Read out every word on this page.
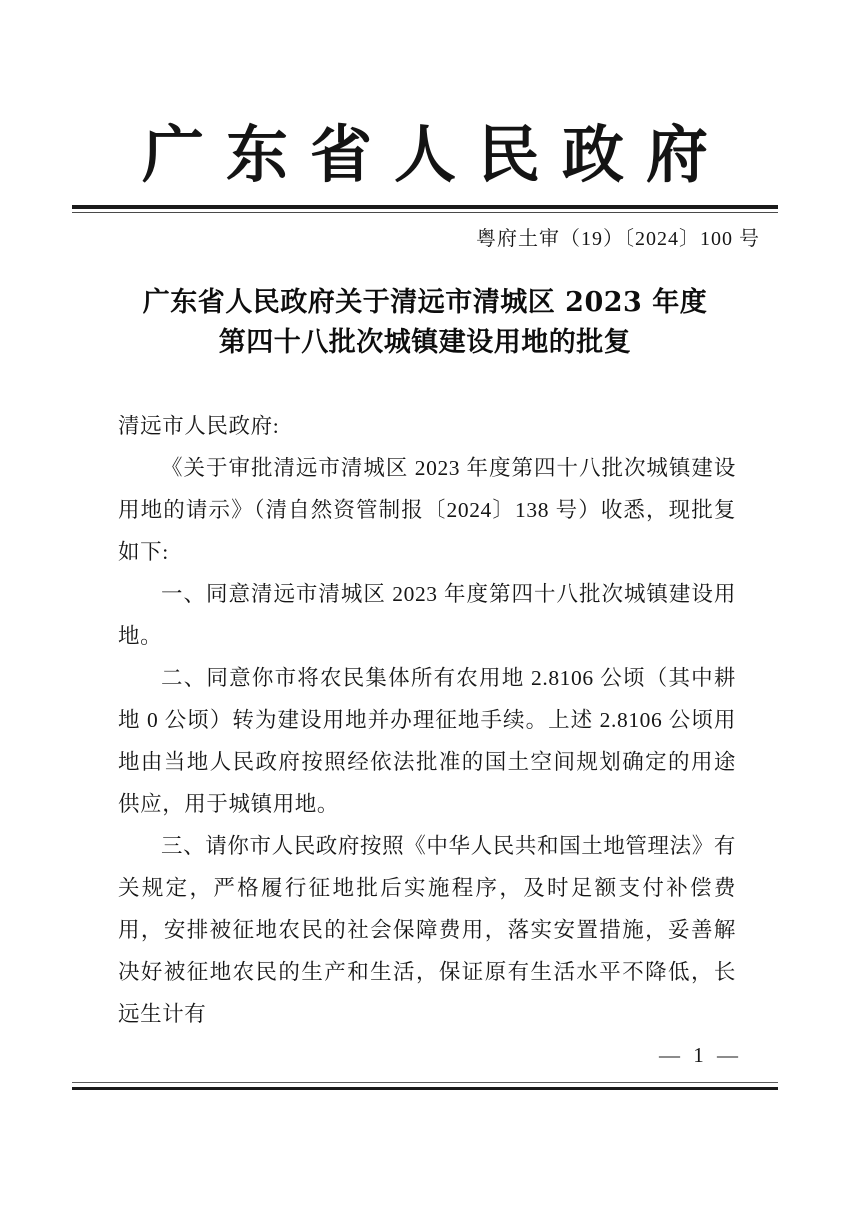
广东省人民政府
粤府土审（19）〔2024〕100 号
广东省人民政府关于清远市清城区 2023 年度
第四十八批次城镇建设用地的批复

清远市人民政府:

《关于审批清远市清城区 2023 年度第四十八批次城镇建设用地的请示》（清自然资管制报〔2024〕138 号）收悉，现批复如下:

一、同意清远市清城区 2023 年度第四十八批次城镇建设用地。

二、同意你市将农民集体所有农用地 2.8106 公顷（其中耕地 0 公顷）转为建设用地并办理征地手续。上述 2.8106 公顷用地由当地人民政府按照经依法批准的国土空间规划确定的用途供应，用于城镇用地。

三、请你市人民政府按照《中华人民共和国土地管理法》有关规定，严格履行征地批后实施程序，及时足额支付补偿费用，安排被征地农民的社会保障费用，落实安置措施，妥善解决好被征地农民的生产和生活，保证原有生活水平不降低，长远生计有

— 1 —
